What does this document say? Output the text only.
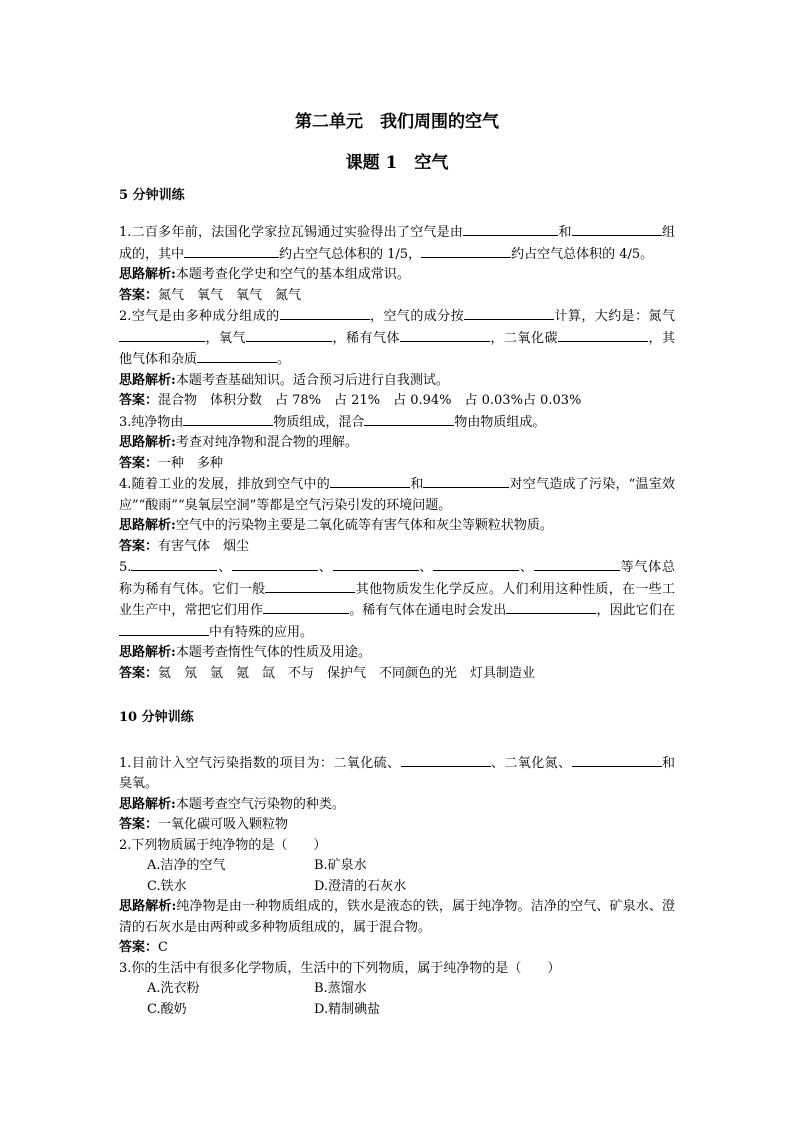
第二单元　我们周围的空气
课题 1　空气
5 分钟训练

1.二百多年前，法国化学家拉瓦锡通过实验得出了空气是由	和	组成的，其中	约占空气总体积的 1/5，	约占空气总体积的 4/5。

思路解析:本题考查化学史和空气的基本组成常识。

答案：氮气　氧气　氧气　氮气

2.空气是由多种成分组成的	，空气的成分按	计算，大约是：氮气，氧气	，稀有气体	，二氧化碳	，其他气体和杂质	。

思路解析:本题考查基础知识。适合预习后进行自我测试。

答案：混合物　体积分数　占 78%　占 21%　占 0.94%　占 0.03%占 0.03%

3.纯净物由	物质组成，混合	物由物质组成。

思路解析:考查对纯净物和混合物的理解。

答案：一种　多种

4.随着工业的发展，排放到空气中的	和	对空气造成了污染，“温室效应”“酸雨”“臭氧层空洞”等都是空气污染引发的环境问题。

思路解析:空气中的污染物主要是二氧化硫等有害气体和灰尘等颗粒状物质。

答案：有害气体　烟尘

5.	、	、	、	、	等气体总称为稀有气体。它们一般	其他物质发生化学反应。人们利用这种性质，在一些工业生产中，常把它们用作	。稀有气体在通电时会发出	，因此它们在中有特殊的应用。

思路解析:本题考查惰性气体的性质及用途。

答案：氦　氖　氩　氪　氙　不与　保护气　不同颜色的光　灯具制造业

10 分钟训练

1.目前计入空气污染指数的项目为：二氧化硫、	、二氧化氮、	和臭氧。

思路解析:本题考查空气污染物的种类。

答案：一氧化碳可吸入颗粒物

2.下列物质属于纯净物的是（　　）

A.洁净的空气	B.矿泉水

C.铁水	D.澄清的石灰水

思路解析:纯净物是由一种物质组成的，铁水是液态的铁，属于纯净物。洁净的空气、矿泉水、澄清的石灰水是由两种或多种物质组成的，属于混合物。

答案：C

3.你的生活中有很多化学物质，生活中的下列物质，属于纯净物的是（　　）

A.洗衣粉	B.蒸馏水

C.酸奶	D.精制碘盐
